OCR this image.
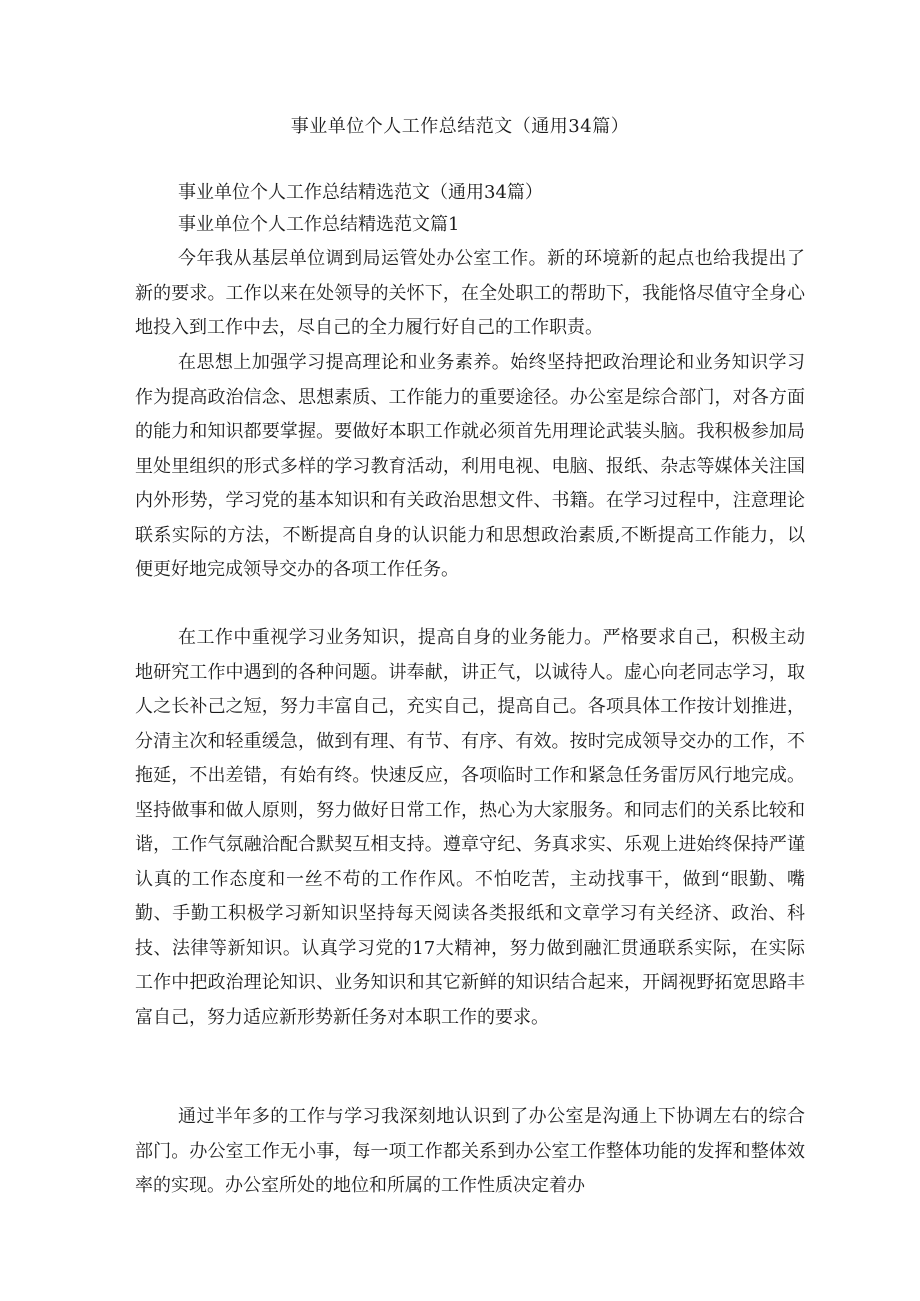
事业单位个人工作总结范文（通用34篇）

事业单位个人工作总结精选范文（通用34篇）

事业单位个人工作总结精选范文篇1

今年我从基层单位调到局运管处办公室工作。新的环境新的起点也给我提出了新的要求。工作以来在处领导的关怀下，在全处职工的帮助下，我能恪尽值守全身心地投入到工作中去，尽自己的全力履行好自己的工作职责。

在思想上加强学习提高理论和业务素养。始终坚持把政治理论和业务知识学习作为提高政治信念、思想素质、工作能力的重要途径。办公室是综合部门，对各方面的能力和知识都要掌握。要做好本职工作就必须首先用理论武装头脑。我积极参加局里处里组织的形式多样的学习教育活动，利用电视、电脑、报纸、杂志等媒体关注国内外形势，学习党的基本知识和有关政治思想文件、书籍。在学习过程中，注意理论联系实际的方法，不断提高自身的认识能力和思想政治素质,不断提高工作能力，以便更好地完成领导交办的各项工作任务。

在工作中重视学习业务知识，提高自身的业务能力。严格要求自己，积极主动地研究工作中遇到的各种问题。讲奉献，讲正气，以诚待人。虚心向老同志学习，取人之长补己之短，努力丰富自己，充实自己，提高自己。各项具体工作按计划推进，分清主次和轻重缓急，做到有理、有节、有序、有效。按时完成领导交办的工作，不拖延，不出差错，有始有终。快速反应，各项临时工作和紧急任务雷厉风行地完成。坚持做事和做人原则，努力做好日常工作，热心为大家服务。和同志们的关系比较和谐，工作气氛融洽配合默契互相支持。遵章守纪、务真求实、乐观上进始终保持严谨认真的工作态度和一丝不苟的工作作风。不怕吃苦，主动找事干，做到“眼勤、嘴勤、手勤工积极学习新知识坚持每天阅读各类报纸和文章学习有关经济、政治、科技、法律等新知识。认真学习党的17大精神，努力做到融汇贯通联系实际，在实际工作中把政治理论知识、业务知识和其它新鲜的知识结合起来，开阔视野拓宽思路丰富自己，努力适应新形势新任务对本职工作的要求。

通过半年多的工作与学习我深刻地认识到了办公室是沟通上下协调左右的综合部门。办公室工作无小事，每一项工作都关系到办公室工作整体功能的发挥和整体效率的实现。办公室所处的地位和所属的工作性质决定着办
